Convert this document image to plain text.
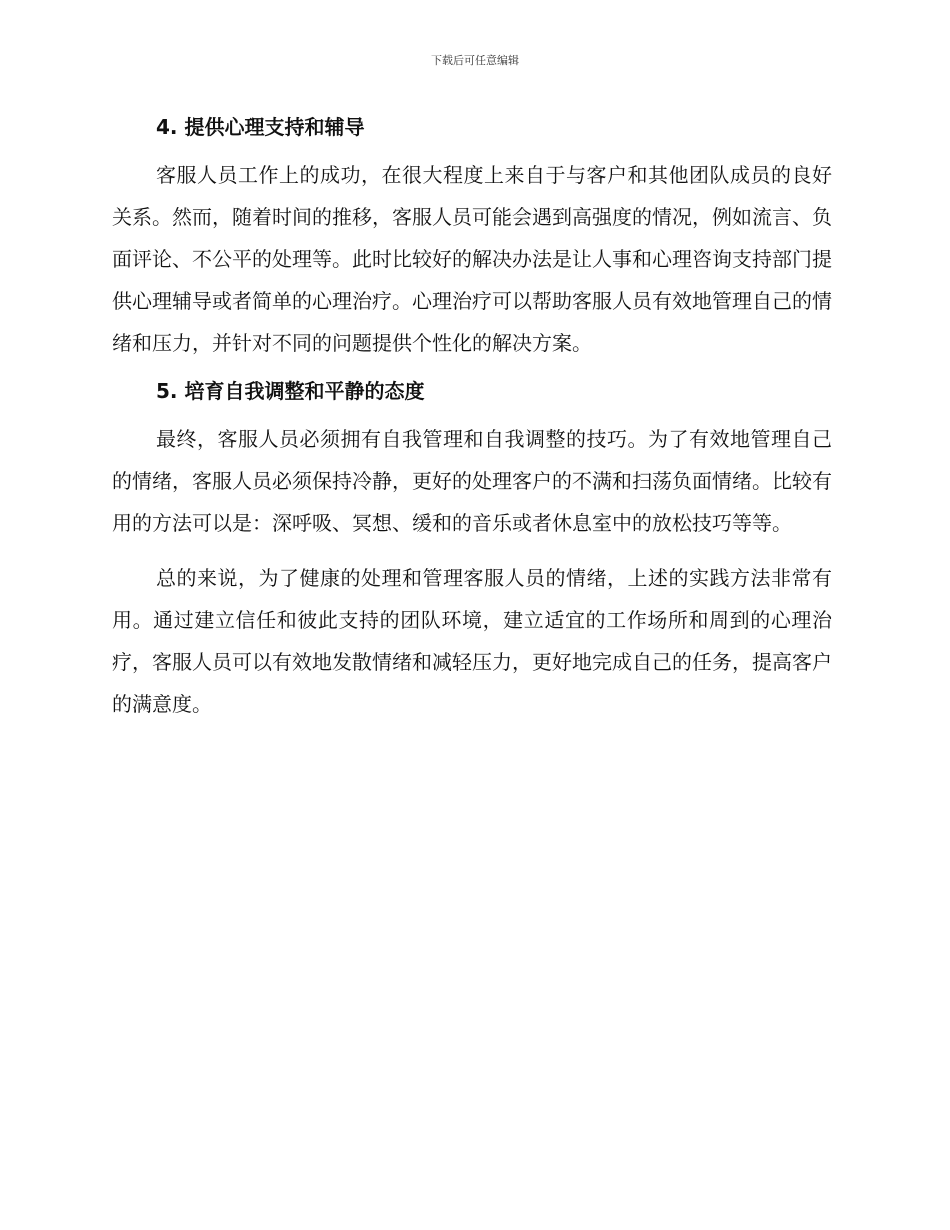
下载后可任意编辑
4. 提供心理支持和辅导

客服人员工作上的成功，在很大程度上来自于与客户和其他团队成员的良好关系。然而，随着时间的推移，客服人员可能会遇到高强度的情况，例如流言、负面评论、不公平的处理等。此时比较好的解决办法是让人事和心理咨询支持部门提供心理辅导或者简单的心理治疗。心理治疗可以帮助客服人员有效地管理自己的情绪和压力，并针对不同的问题提供个性化的解决方案。

5. 培育自我调整和平静的态度

最终，客服人员必须拥有自我管理和自我调整的技巧。为了有效地管理自己的情绪，客服人员必须保持冷静，更好的处理客户的不满和扫荡负面情绪。比较有用的方法可以是：深呼吸、冥想、缓和的音乐或者休息室中的放松技巧等等。

总的来说，为了健康的处理和管理客服人员的情绪，上述的实践方法非常有用。通过建立信任和彼此支持的团队环境，建立适宜的工作场所和周到的心理治疗，客服人员可以有效地发散情绪和减轻压力，更好地完成自己的任务，提高客户的满意度。
